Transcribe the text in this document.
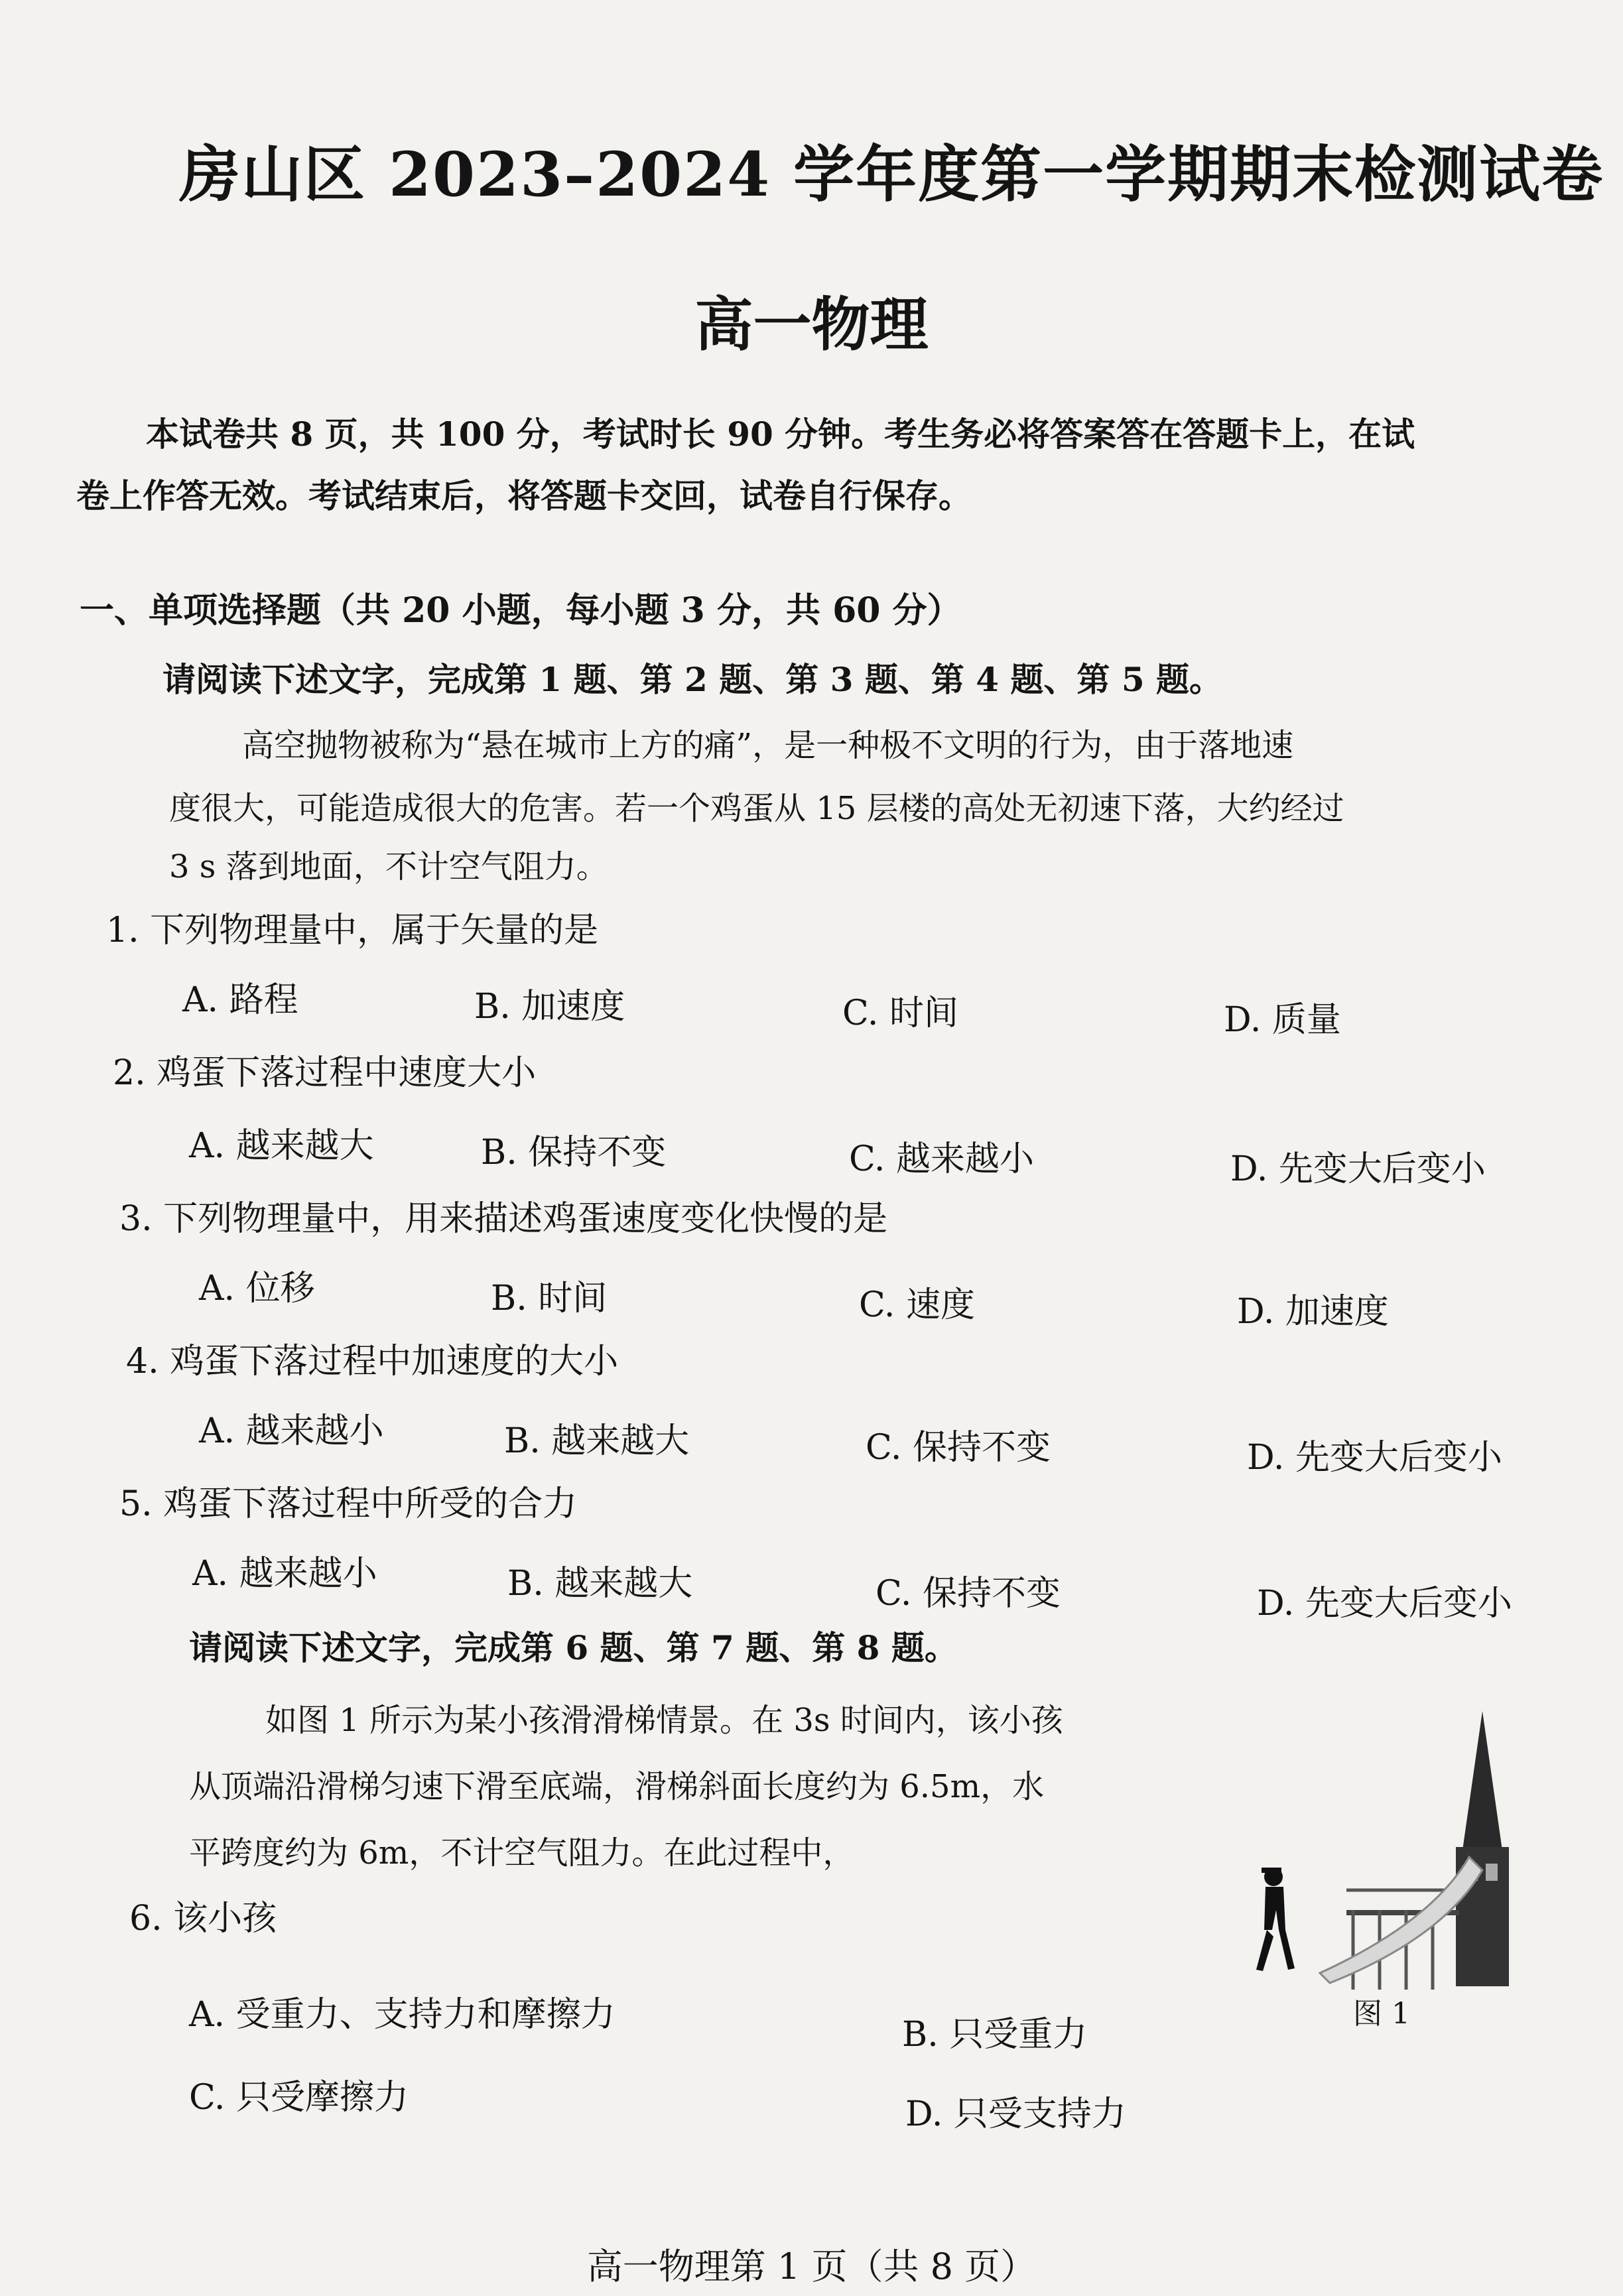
房山区 2023–2024 学年度第一学期期末检测试卷
高一物理
本试卷共 8 页，共 100 分，考试时长 90 分钟。考生务必将答案答在答题卡上，在试
卷上作答无效。考试结束后，将答题卡交回，试卷自行保存。
一、单项选择题（共 20 小题，每小题 3 分，共 60 分）
请阅读下述文字，完成第 1 题、第 2 题、第 3 题、第 4 题、第 5 题。
高空抛物被称为“悬在城市上方的痛”，是一种极不文明的行为，由于落地速
度很大，可能造成很大的危害。若一个鸡蛋从 15 层楼的高处无初速下落，大约经过
3 s 落到地面，不计空气阻力。
1. 下列物理量中，属于矢量的是
A. 路程	B. 加速度	C. 时间	D. 质量
2. 鸡蛋下落过程中速度大小
A. 越来越大	B. 保持不变	C. 越来越小	D. 先变大后变小
3. 下列物理量中，用来描述鸡蛋速度变化快慢的是
A. 位移	B. 时间	C. 速度	D. 加速度
4. 鸡蛋下落过程中加速度的大小
A. 越来越小	B. 越来越大	C. 保持不变	D. 先变大后变小
5. 鸡蛋下落过程中所受的合力
A. 越来越小	B. 越来越大	C. 保持不变	D. 先变大后变小
请阅读下述文字，完成第 6 题、第 7 题、第 8 题。
如图 1 所示为某小孩滑滑梯情景。在 3s 时间内，该小孩
从顶端沿滑梯匀速下滑至底端，滑梯斜面长度约为 6.5m，水
平跨度约为 6m，不计空气阻力。在此过程中，
6. 该小孩
A. 受重力、支持力和摩擦力	B. 只受重力
C. 只受摩擦力	D. 只受支持力
图 1
高一物理第 1 页（共 8 页）
